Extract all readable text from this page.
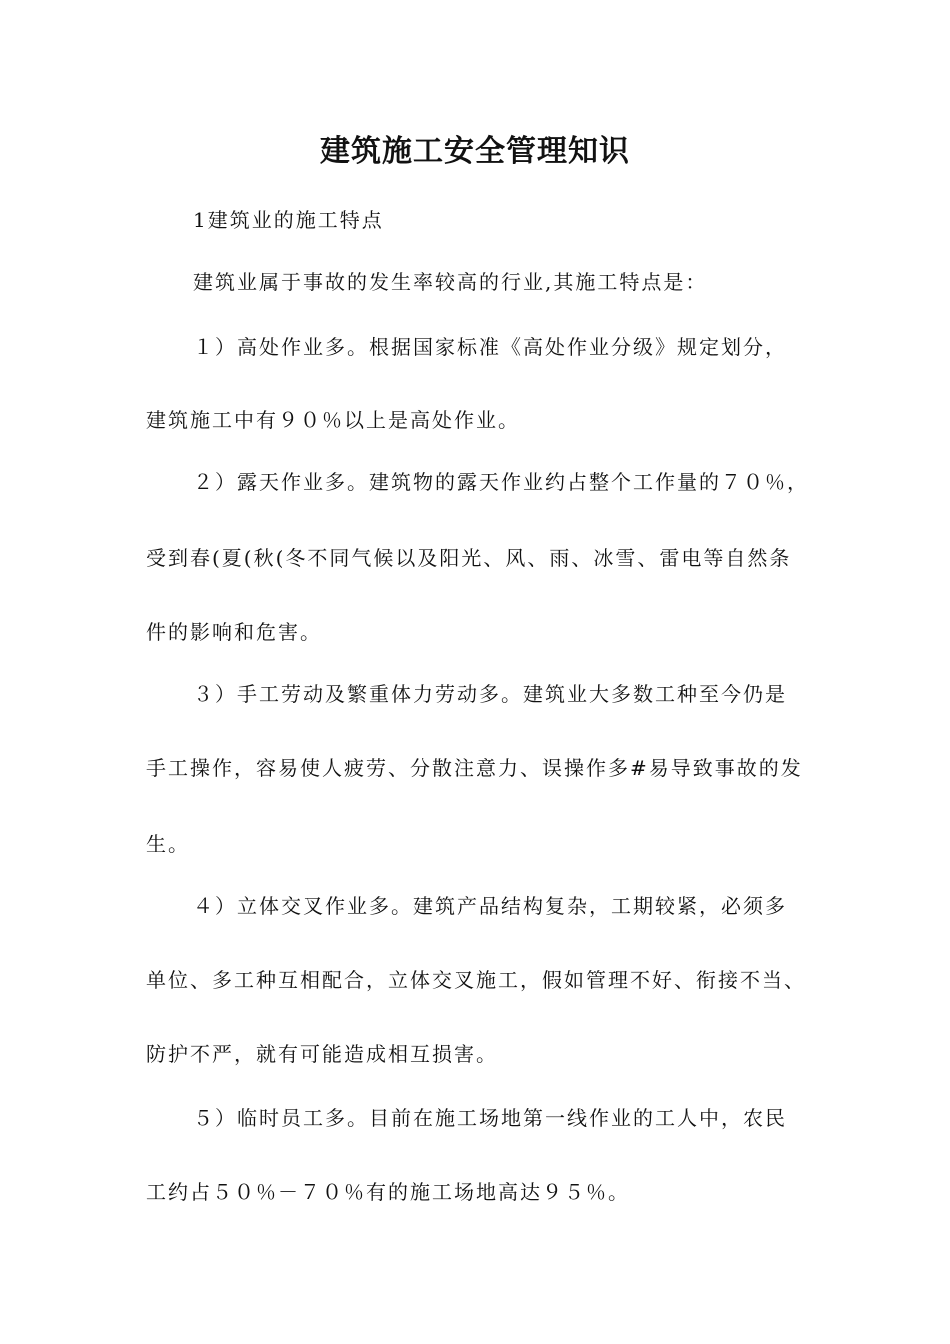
建筑施工安全管理知识
1建筑业的施工特点
建筑业属于事故的发生率较高的行业,其施工特点是：
１）高处作业多。根据国家标准《高处作业分级》规定划分，
建筑施工中有９０％以上是高处作业。
２）露天作业多。建筑物的露天作业约占整个工作量的７０％，
受到春(夏(秋(冬不同气候以及阳光、风、雨、冰雪、雷电等自然条
件的影响和危害。
３）手工劳动及繁重体力劳动多。建筑业大多数工种至今仍是
手工操作，容易使人疲劳、分散注意力、误操作多#易导致事故的发
生。
４）立体交叉作业多。建筑产品结构复杂，工期较紧，必须多
单位、多工种互相配合，立体交叉施工，假如管理不好、衔接不当、
防护不严，就有可能造成相互损害。
５）临时员工多。目前在施工场地第一线作业的工人中，农民
工约占５０％－７０％有的施工场地高达９５％。
